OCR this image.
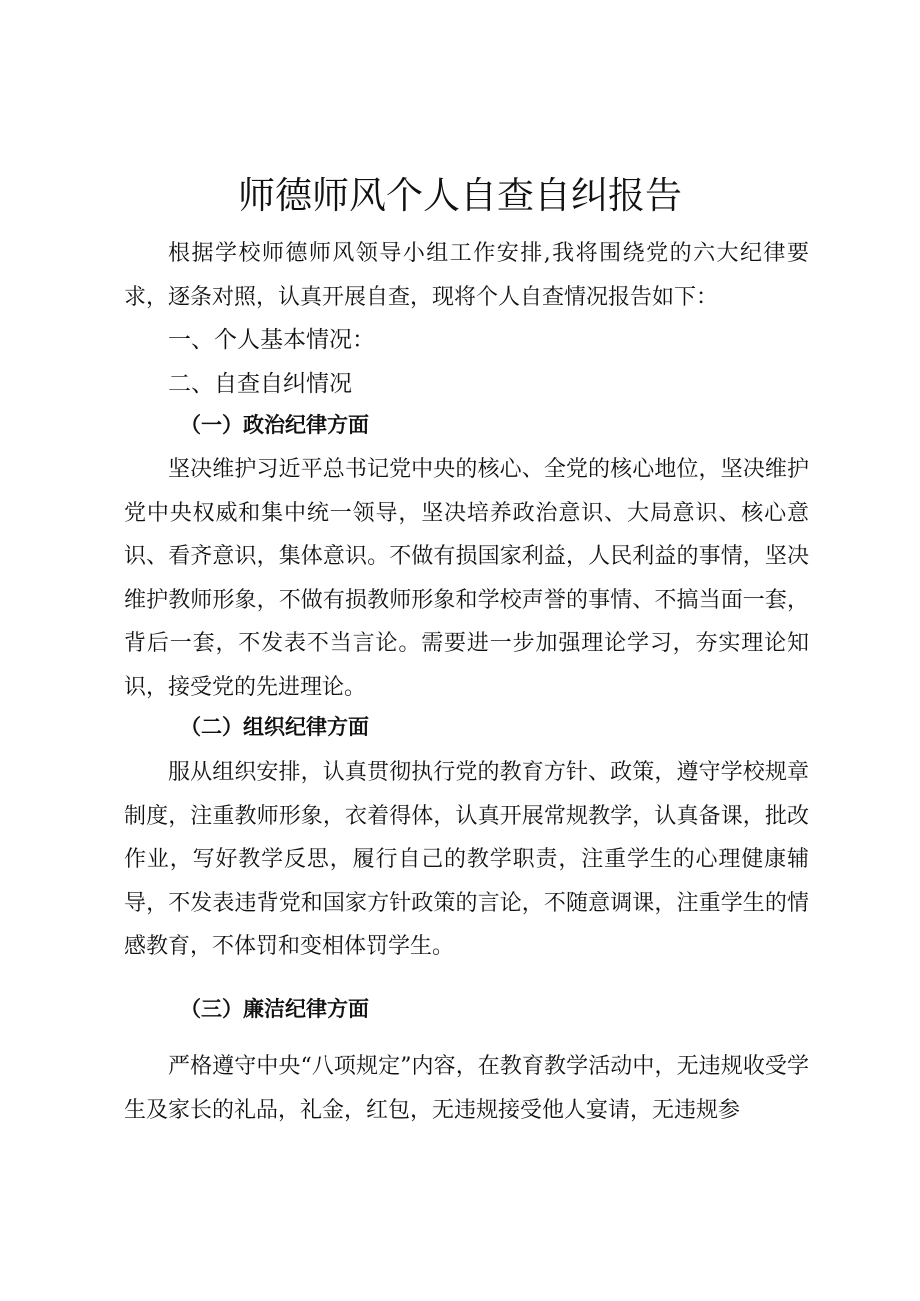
师德师风个人自查自纠报告

根据学校师德师风领导小组工作安排,我将围绕党的六大纪律要求，逐条对照，认真开展自查，现将个人自查情况报告如下：

一、个人基本情况：
二、自查自纠情况
（一）政治纪律方面

坚决维护习近平总书记党中央的核心、全党的核心地位，坚决维护党中央权威和集中统一领导，坚决培养政治意识、大局意识、核心意识、看齐意识，集体意识。不做有损国家利益，人民利益的事情，坚决维护教师形象，不做有损教师形象和学校声誉的事情、不搞当面一套，背后一套，不发表不当言论。需要进一步加强理论学习，夯实理论知识，接受党的先进理论。

（二）组织纪律方面

服从组织安排，认真贯彻执行党的教育方针、政策，遵守学校规章制度，注重教师形象，衣着得体，认真开展常规教学，认真备课，批改作业，写好教学反思，履行自己的教学职责，注重学生的心理健康辅导，不发表违背党和国家方针政策的言论，不随意调课，注重学生的情感教育，不体罚和变相体罚学生。

（三）廉洁纪律方面

严格遵守中央“八项规定”内容，在教育教学活动中，无违规收受学生及家长的礼品，礼金，红包，无违规接受他人宴请，无违规参
